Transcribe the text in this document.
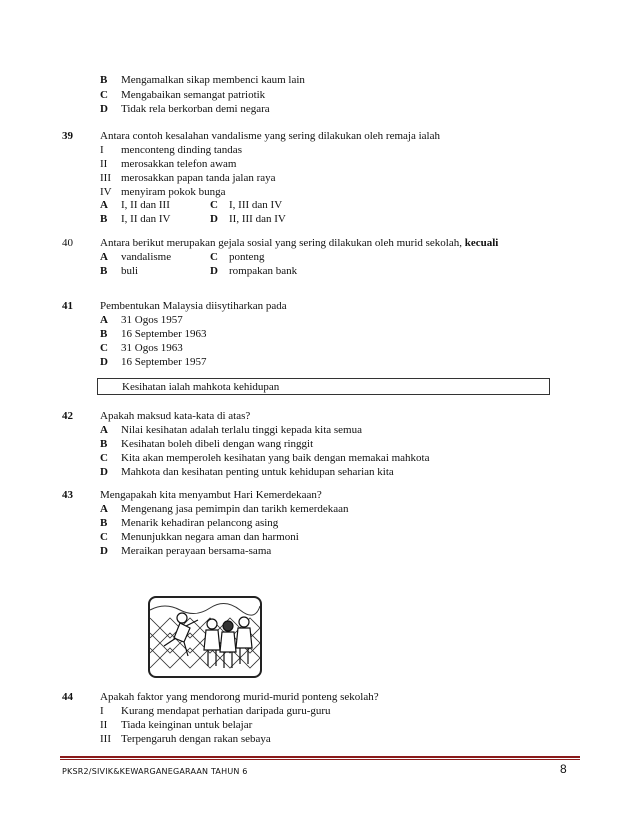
B Mengamalkan sikap membenci kaum lain
C Mengabaikan semangat patriotik
D Tidak rela berkorban demi negara
39 Antara contoh kesalahan vandalisme yang sering dilakukan oleh remaja ialah
I menconteng dinding tandas
II merosakkan telefon awam
III merosakkan papan tanda jalan raya
IV menyiram pokok bunga
A I, II dan III	C I, III dan IV
B I, II dan IV	D II, III dan IV
40 Antara berikut merupakan gejala sosial yang sering dilakukan oleh murid sekolah, kecuali
A vandalisme	C ponteng
B buli	D rompakan bank
41 Pembentukan Malaysia diisytiharkan pada
A 31 Ogos 1957
B 16 September 1963
C 31 Ogos 1963
D 16 September 1957
Kesihatan ialah mahkota kehidupan
42 Apakah maksud kata-kata di atas?
A Nilai kesihatan adalah terlalu tinggi kepada kita semua
B Kesihatan boleh dibeli dengan wang ringgit
C Kita akan memperoleh kesihatan yang baik dengan memakai mahkota
D Mahkota dan kesihatan penting untuk kehidupan seharian kita
43 Mengapakah kita menyambut Hari Kemerdekaan?
A Mengenang jasa pemimpin dan tarikh kemerdekaan
B Menarik kehadiran pelancong asing
C Menunjukkan negara aman dan harmoni
D Meraikan perayaan bersama-sama
44 Apakah faktor yang mendorong murid-murid ponteng sekolah?
I Kurang mendapat perhatian daripada guru-guru
II Tiada keinginan untuk belajar
III Terpengaruh dengan rakan sebaya
PKSR2/SIVIK&KEWARGANEGARAAN TAHUN 6	8
